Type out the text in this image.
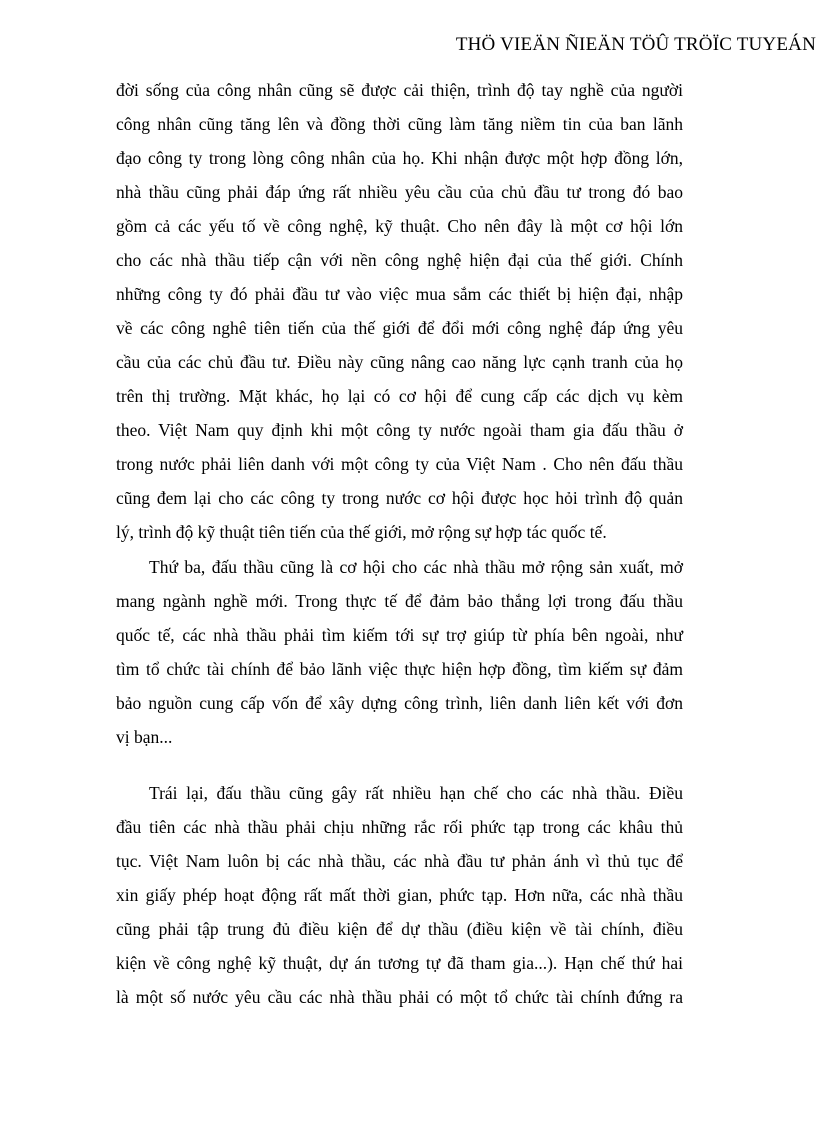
THÖ VIEÄN ÑIEÄN TÖÛ TRÖÏC TUYEÁN
đời sống của công nhân cũng sẽ được cải thiện, trình độ tay nghề của người
công nhân cũng tăng lên và đồng thời cũng làm tăng niềm tin của ban lãnh
đạo công ty trong lòng công nhân của họ. Khi nhận được một hợp đồng lớn,
nhà thầu cũng phải đáp ứng rất nhiều yêu cầu của chủ đầu tư trong đó bao
gồm cả các yếu tố về công nghệ, kỹ thuật. Cho nên đây là một cơ hội lớn
cho các nhà thầu tiếp cận với nền công nghệ hiện đại của thế giới. Chính
những công ty đó phải đầu tư vào việc mua sắm các thiết bị hiện đại, nhập
về các công nghê tiên tiến của thế giới để đổi mới công nghệ đáp ứng yêu
cầu của các chủ đầu tư. Điều này cũng nâng cao năng lực cạnh tranh của họ
trên thị trường. Mặt khác, họ lại có cơ hội để cung cấp các dịch vụ kèm
theo. Việt Nam quy định khi một công ty nước ngoài tham gia đấu thầu ở
trong nước phải liên danh với một công ty của Việt Nam . Cho nên đấu thầu
cũng đem lại cho các công ty trong nước cơ hội được học hỏi trình độ quản
lý, trình độ kỹ thuật tiên tiến của thế giới, mở rộng sự hợp tác quốc tế.
Thứ ba, đấu thầu cũng là cơ hội cho các nhà thầu mở rộng sản xuất, mở
mang ngành nghề mới. Trong thực tế để đảm bảo thắng lợi trong đấu thầu
quốc tế, các nhà thầu phải tìm kiếm tới sự trợ giúp từ phía bên ngoài, như
tìm tổ chức tài chính để bảo lãnh việc thực hiện hợp đồng, tìm kiếm sự đảm
bảo nguồn cung cấp vốn để xây dựng công trình, liên danh liên kết với đơn
vị bạn...
Trái lại, đấu thầu cũng gây rất nhiều hạn chế cho các nhà thầu. Điều
đầu tiên các nhà thầu phải chịu những rắc rối phức tạp trong các khâu thủ
tục. Việt Nam luôn bị các nhà thầu, các nhà đầu tư phản ánh vì thủ tục để
xin giấy phép hoạt động rất mất thời gian, phức tạp. Hơn nữa, các nhà thầu
cũng phải tập trung đủ điều kiện để dự thầu (điều kiện về tài chính, điều
kiện về công nghệ kỹ thuật, dự án tương tự đã tham gia...). Hạn chế thứ hai
là một số nước yêu cầu các nhà thầu phải có một tổ chức tài chính đứng ra
